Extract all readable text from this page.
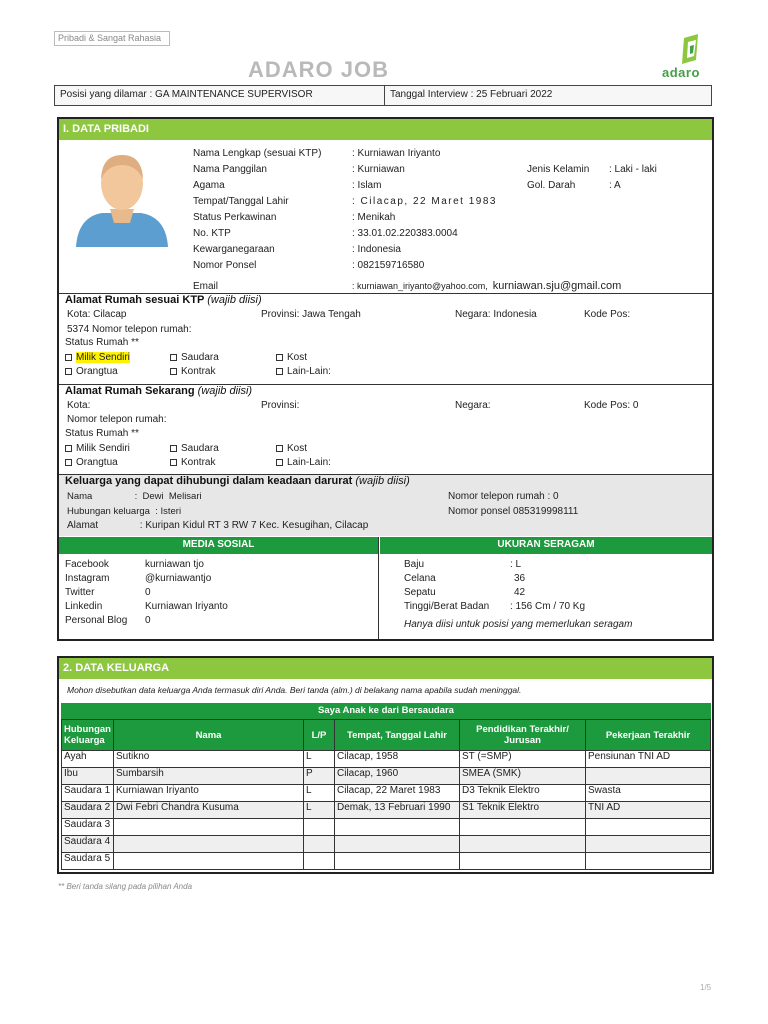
Pribadi & Sangat Rahasia
ADARO JOB	adaro
Posisi yang dilamar : GA MAINTENANCE SUPERVISOR	Tanggal Interview : 25 Februari 2022
I. DATA PRIBADI
Nama Lengkap (sesuai KTP)	: Kurniawan Iriyanto
Nama Panggilan	: Kurniawan
Agama	: Islam
Tempat/Tanggal Lahir	: Cilacap, 22 Maret 1983
Status Perkawinan	: Menikah
No. KTP	: 33.01.02.220383.0004
Kewarganegaraan	: Indonesia
Nomor Ponsel	: 082159716580
Email	: kurniawan_iriyanto@yahoo.com, kurniawan.sju@gmail.com
Jenis Kelamin : Laki - laki
Gol. Darah	: A
Alamat Rumah sesuai KTP (wajib diisi)
Kota: Cilacap	Provinsi: Jawa Tengah	Negara: Indonesia	Kode Pos:
5374 Nomor telepon rumah:
Status Rumah **
Milik Sendiri	Saudara	Kost
Orangtua	Kontrak	Lain-Lain:
Alamat Rumah Sekarang (wajib diisi)
Kota:	Provinsi:	Negara:	Kode Pos: 0
Nomor telepon rumah:
Status Rumah **
Milik Sendiri	Saudara	Kost
Orangtua	Kontrak	Lain-Lain:
Keluarga yang dapat dihubungi dalam keadaan darurat (wajib diisi)
Nama                :  Dewi  Melisari
Hubungan keluarga  : Isteri
Alamat               : Kuripan Kidul RT 3 RW 7 Kec. Kesugihan, Cilacap
Nomor telepon rumah : 0
Nomor ponsel 085319998111
MEDIA SOSIAL
Facebook	kurniawan tjo
Instagram	@kurniawantjo
Twitter	0
Linkedin	Kurniawan Iriyanto
Personal Blog	0
UKURAN SERAGAM
Baju	: L
Celana	36
Sepatu	42
Tinggi/Berat Badan	: 156 Cm / 70 Kg
Hanya diisi untuk posisi yang memerlukan seragam
2. DATA KELUARGA
Mohon disebutkan data keluarga Anda termasuk diri Anda. Beri tanda (alm.) di belakang nama apabila sudah meninggal.
Saya Anak ke dari Bersaudara
Hubungan Keluarga	Nama	L/P	Tempat, Tanggal Lahir	Pendidikan Terakhir/ Jurusan	Pekerjaan Terakhir
Ayah	Sutikno	L	Cilacap, 1958	ST (=SMP)	Pensiunan TNI AD
Ibu	Sumbarsih	P	Cilacap, 1960	SMEA (SMK)	
Saudara 1	Kurniawan Iriyanto	L	Cilacap, 22 Maret 1983	D3 Teknik Elektro	Swasta
Saudara 2	Dwi Febri Chandra Kusuma	L	Demak, 13 Februari 1990	S1 Teknik Elektro	TNI AD
Saudara 3					
Saudara 4					
Saudara 5					
** Beri tanda silang pada pilihan Anda
1/5
